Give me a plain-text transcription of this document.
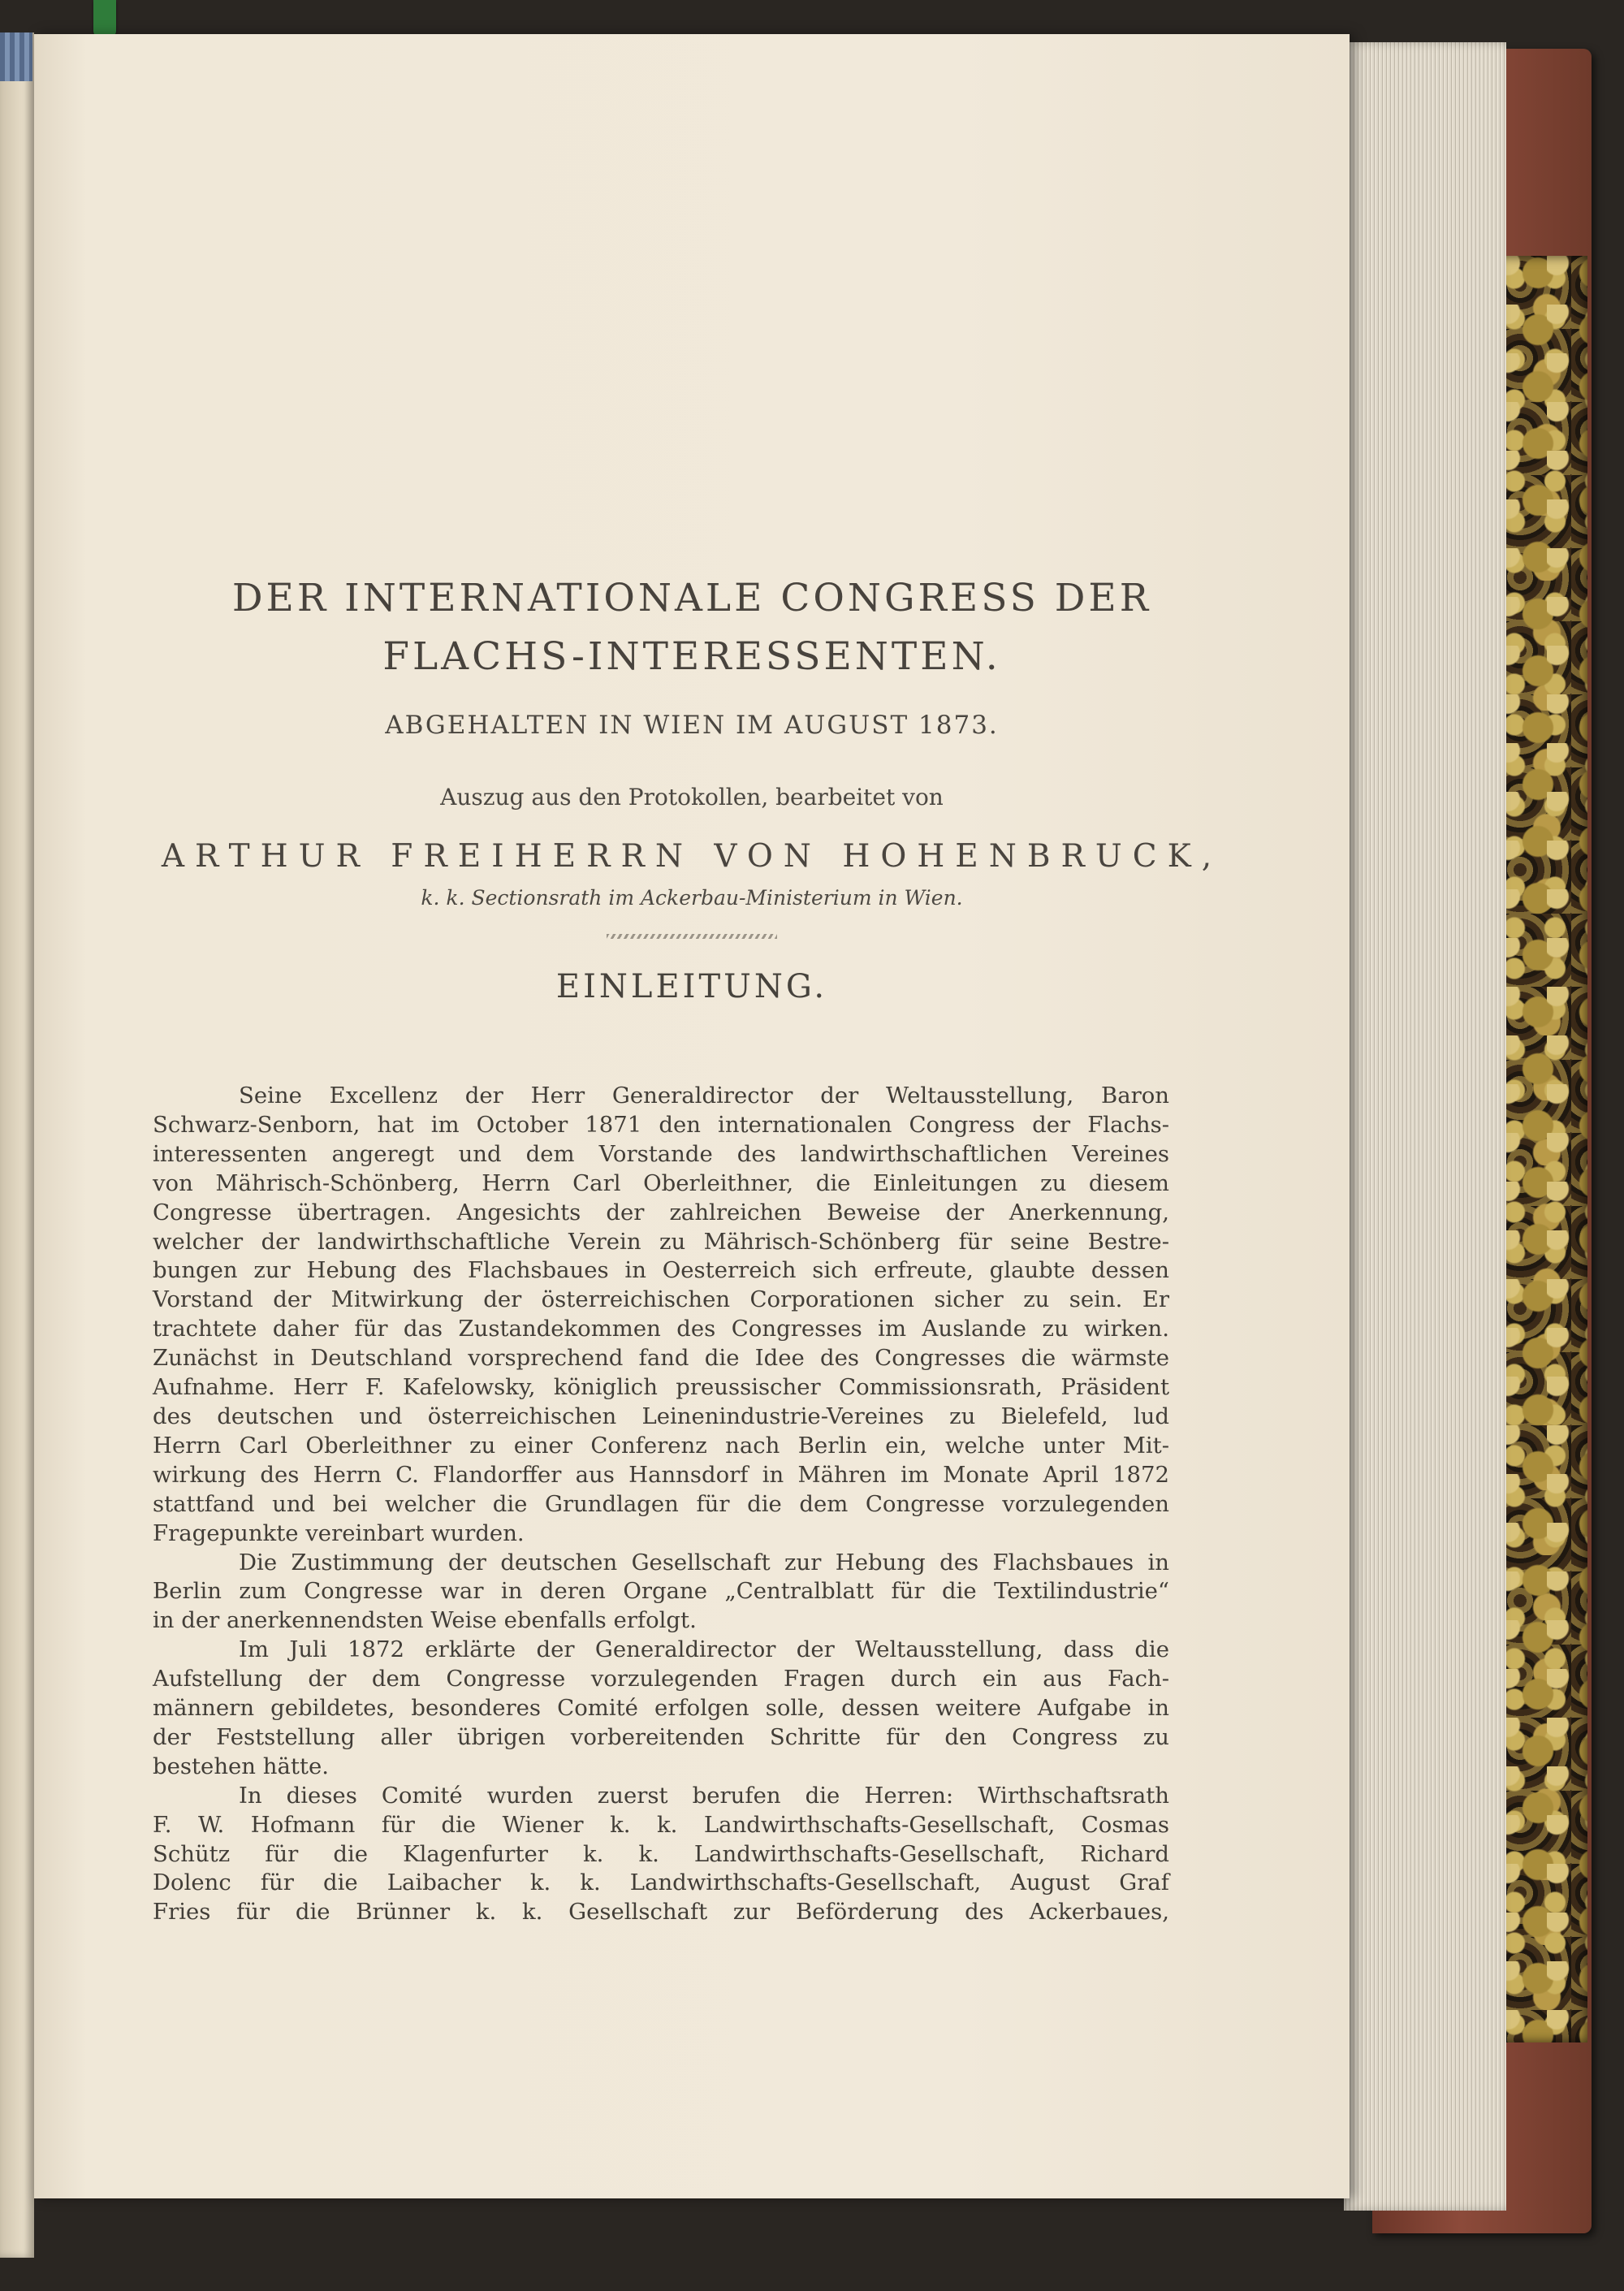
DER INTERNATIONALE CONGRESS DER
FLACHS-INTERESSENTEN.
ABGEHALTEN IN WIEN IM AUGUST 1873.
Auszug aus den Protokollen, bearbeitet von
ARTHUR FREIHERRN VON HOHENBRUCK,
k. k. Sectionsrath im Ackerbau-Ministerium in Wien.
EINLEITUNG.
Seine Excellenz der Herr Generaldirector der Weltausstellung, Baron
Schwarz-Senborn, hat im October 1871 den internationalen Congress der Flachs-
interessenten angeregt und dem Vorstande des landwirthschaftlichen Vereines
von Mährisch-Schönberg, Herrn Carl Oberleithner, die Einleitungen zu diesem
Congresse übertragen. Angesichts der zahlreichen Beweise der Anerkennung,
welcher der landwirthschaftliche Verein zu Mährisch-Schönberg für seine Bestre-
bungen zur Hebung des Flachsbaues in Oesterreich sich erfreute, glaubte dessen
Vorstand der Mitwirkung der österreichischen Corporationen sicher zu sein. Er
trachtete daher für das Zustandekommen des Congresses im Auslande zu wirken.
Zunächst in Deutschland vorsprechend fand die Idee des Congresses die wärmste
Aufnahme. Herr F. Kafelowsky, königlich preussischer Commissionsrath, Präsident
des deutschen und österreichischen Leinenindustrie-Vereines zu Bielefeld, lud
Herrn Carl Oberleithner zu einer Conferenz nach Berlin ein, welche unter Mit-
wirkung des Herrn C. Flandorffer aus Hannsdorf in Mähren im Monate April 1872
stattfand und bei welcher die Grundlagen für die dem Congresse vorzulegenden
Fragepunkte vereinbart wurden.
Die Zustimmung der deutschen Gesellschaft zur Hebung des Flachsbaues in
Berlin zum Congresse war in deren Organe „Centralblatt für die Textilindustrie“
in der anerkennendsten Weise ebenfalls erfolgt.
Im Juli 1872 erklärte der Generaldirector der Weltausstellung, dass die
Aufstellung der dem Congresse vorzulegenden Fragen durch ein aus Fach-
männern gebildetes, besonderes Comité erfolgen solle, dessen weitere Aufgabe in
der Feststellung aller übrigen vorbereitenden Schritte für den Congress zu
bestehen hätte.
In dieses Comité wurden zuerst berufen die Herren: Wirthschaftsrath
F. W. Hofmann für die Wiener k. k. Landwirthschafts-Gesellschaft, Cosmas
Schütz für die Klagenfurter k. k. Landwirthschafts-Gesellschaft, Richard
Dolenc für die Laibacher k. k. Landwirthschafts-Gesellschaft, August Graf
Fries für die Brünner k. k. Gesellschaft zur Beförderung des Ackerbaues,
